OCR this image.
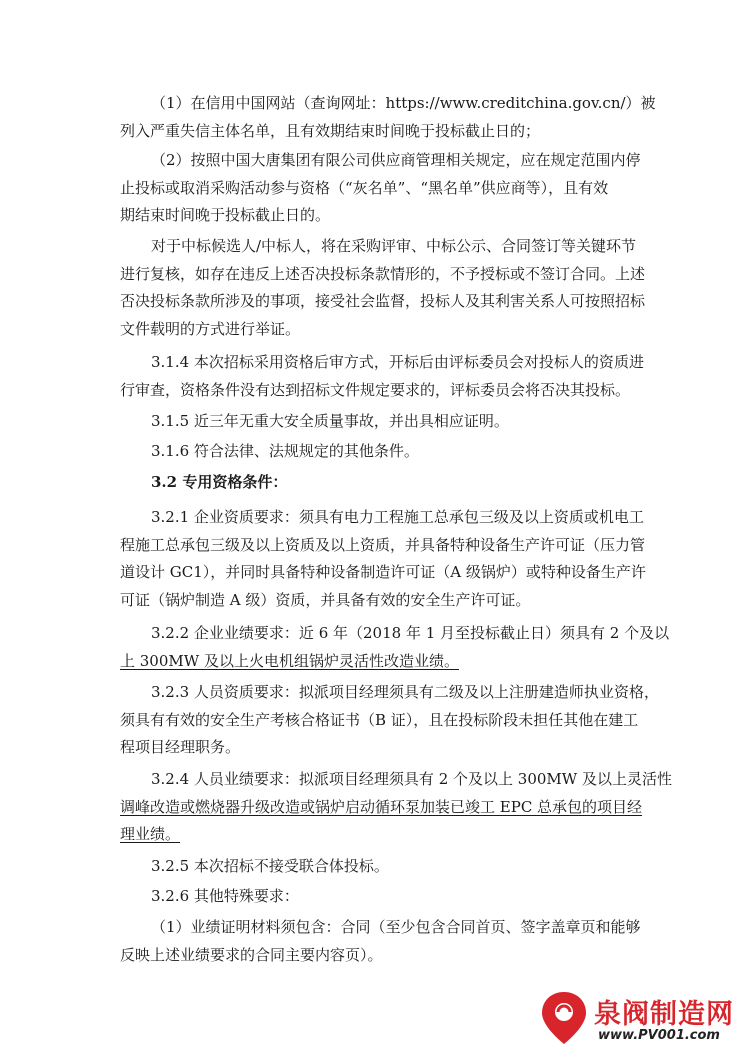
（1）在信用中国网站（查询网址：https://www.creditchina.gov.cn/）被
列入严重失信主体名单，且有效期结束时间晚于投标截止日的；
（2）按照中国大唐集团有限公司供应商管理相关规定，应在规定范围内停
止投标或取消采购活动参与资格（“灰名单”、“黑名单”供应商等），且有效
期结束时间晚于投标截止日的。
对于中标候选人/中标人，将在采购评审、中标公示、合同签订等关键环节
进行复核，如存在违反上述否决投标条款情形的，不予授标或不签订合同。上述
否决投标条款所涉及的事项，接受社会监督，投标人及其利害关系人可按照招标
文件载明的方式进行举证。
3.1.4 本次招标采用资格后审方式，开标后由评标委员会对投标人的资质进
行审查，资格条件没有达到招标文件规定要求的，评标委员会将否决其投标。
3.1.5 近三年无重大安全质量事故，并出具相应证明。
3.1.6 符合法律、法规规定的其他条件。
3.2 专用资格条件：
3.2.1 企业资质要求：须具有电力工程施工总承包三级及以上资质或机电工
程施工总承包三级及以上资质及以上资质，并具备特种设备生产许可证（压力管
道设计 GC1），并同时具备特种设备制造许可证（A 级锅炉）或特种设备生产许
可证（锅炉制造 A 级）资质，并具备有效的安全生产许可证。
3.2.2 企业业绩要求：近 6 年（2018 年 1 月至投标截止日）须具有 2 个及以
上 300MW 及以上火电机组锅炉灵活性改造业绩。
3.2.3 人员资质要求：拟派项目经理须具有二级及以上注册建造师执业资格，
须具有有效的安全生产考核合格证书（B 证），且在投标阶段未担任其他在建工
程项目经理职务。
3.2.4 人员业绩要求：拟派项目经理须具有 2 个及以上 300MW 及以上灵活性
调峰改造或燃烧器升级改造或锅炉启动循环泵加装已竣工 EPC 总承包的项目经
理业绩。
3.2.5 本次招标不接受联合体投标。
3.2.6 其他特殊要求：
（1）业绩证明材料须包含：合同（至少包含合同首页、签字盖章页和能够
反映上述业绩要求的合同主要内容页）。
泉阀制造网
www.PV001.com
